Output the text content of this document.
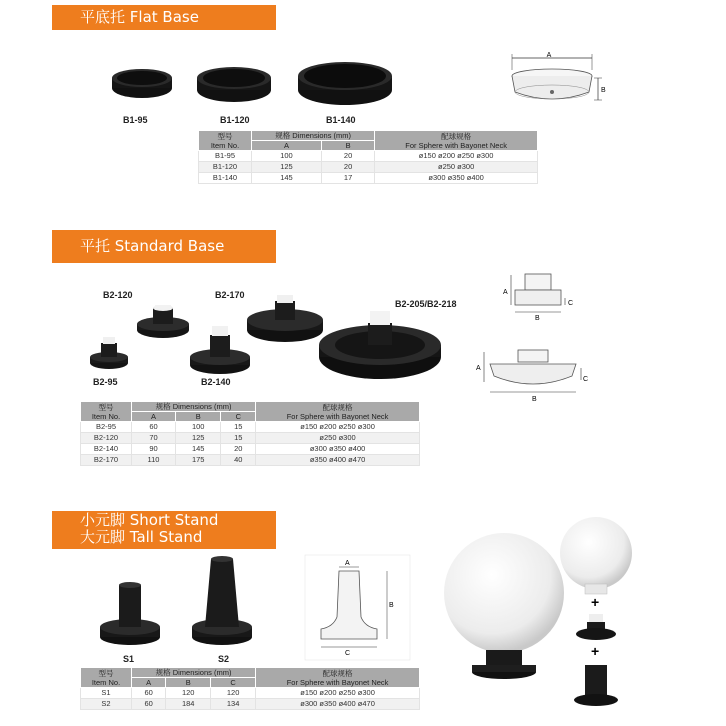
平底托 Flat Base
B1-95	B1-120	B1-140
A
B
型号
Item No.	规格 Dimensions (mm)		配球规格
For Sphere with Bayonet Neck
	A	B	
B1-95	100	20	ø150 ø200 ø250 ø300
B1-120	125	20	ø250 ø300
B1-140	145	17	ø300 ø350 ø400
平托 Standard Base
B2-120	B2-170
B2-205/B2-218
B2-95	B2-140
A
B
C
A
B
C
型号
Item No.	规格 Dimensions (mm)			配球规格
For Sphere with Bayonet Neck
	A	B	C	
B2-95	60	100	15	ø150 ø200 ø250 ø300
B2-120	70	125	15	ø250 ø300
B2-140	90	145	20	ø300 ø350 ø400
B2-170	110	175	40	ø350 ø400 ø470
小元脚 Short Stand
大元脚 Tall Stand
S1	S2
A
B
C
+
+
型号
Item No.	规格 Dimensions (mm)			配球规格
For Sphere with Bayonet Neck
	A	B	C	
S1	60	120	120	ø150 ø200 ø250 ø300
S2	60	184	134	ø300 ø350 ø400 ø470
